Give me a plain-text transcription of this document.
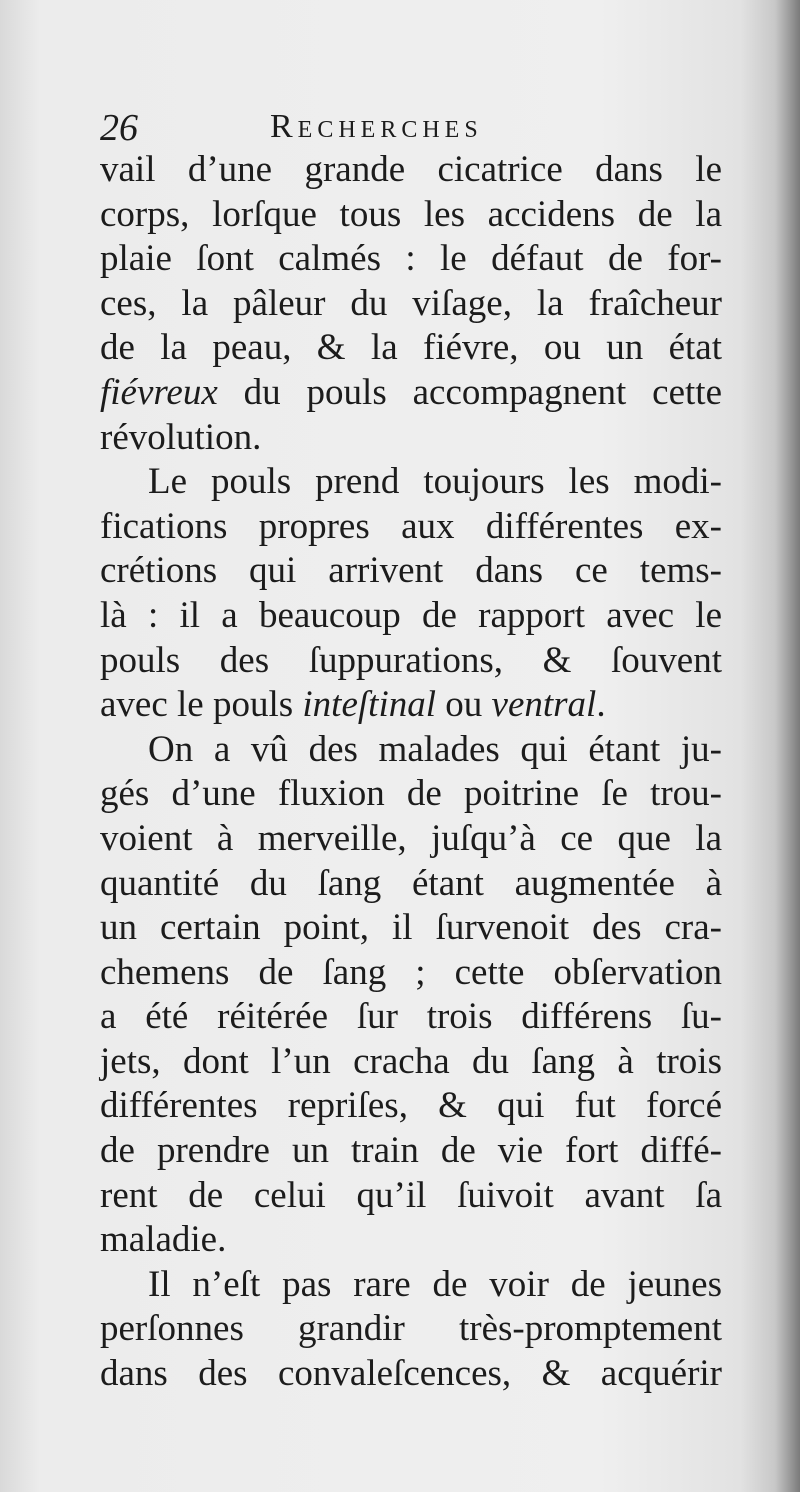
26	Recherches
vail d’une grande cicatrice dans le
corps, lorſque tous les accidens de la
plaie ſont calmés : le défaut de for-
ces, la pâleur du viſage, la fraîcheur
de la peau, & la fiévre, ou un état
fiévreux du pouls accompagnent cette
révolution.
Le pouls prend toujours les modi-
fications propres aux différentes ex-
crétions qui arrivent dans ce tems-
là : il a beaucoup de rapport avec le
pouls des ſuppurations, & ſouvent
avec le pouls inteſtinal ou ventral.
On a vû des malades qui étant ju-
gés d’une fluxion de poitrine ſe trou-
voient à merveille, juſqu’à ce que la
quantité du ſang étant augmentée à
un certain point, il ſurvenoit des cra-
chemens de ſang ; cette obſervation
a été réitérée ſur trois différens ſu-
jets, dont l’un cracha du ſang à trois
différentes repriſes, & qui fut forcé
de prendre un train de vie fort diffé-
rent de celui qu’il ſuivoit avant ſa
maladie.
Il n’eſt pas rare de voir de jeunes
perſonnes grandir très-promptement
dans des convaleſcences, & acquérir
